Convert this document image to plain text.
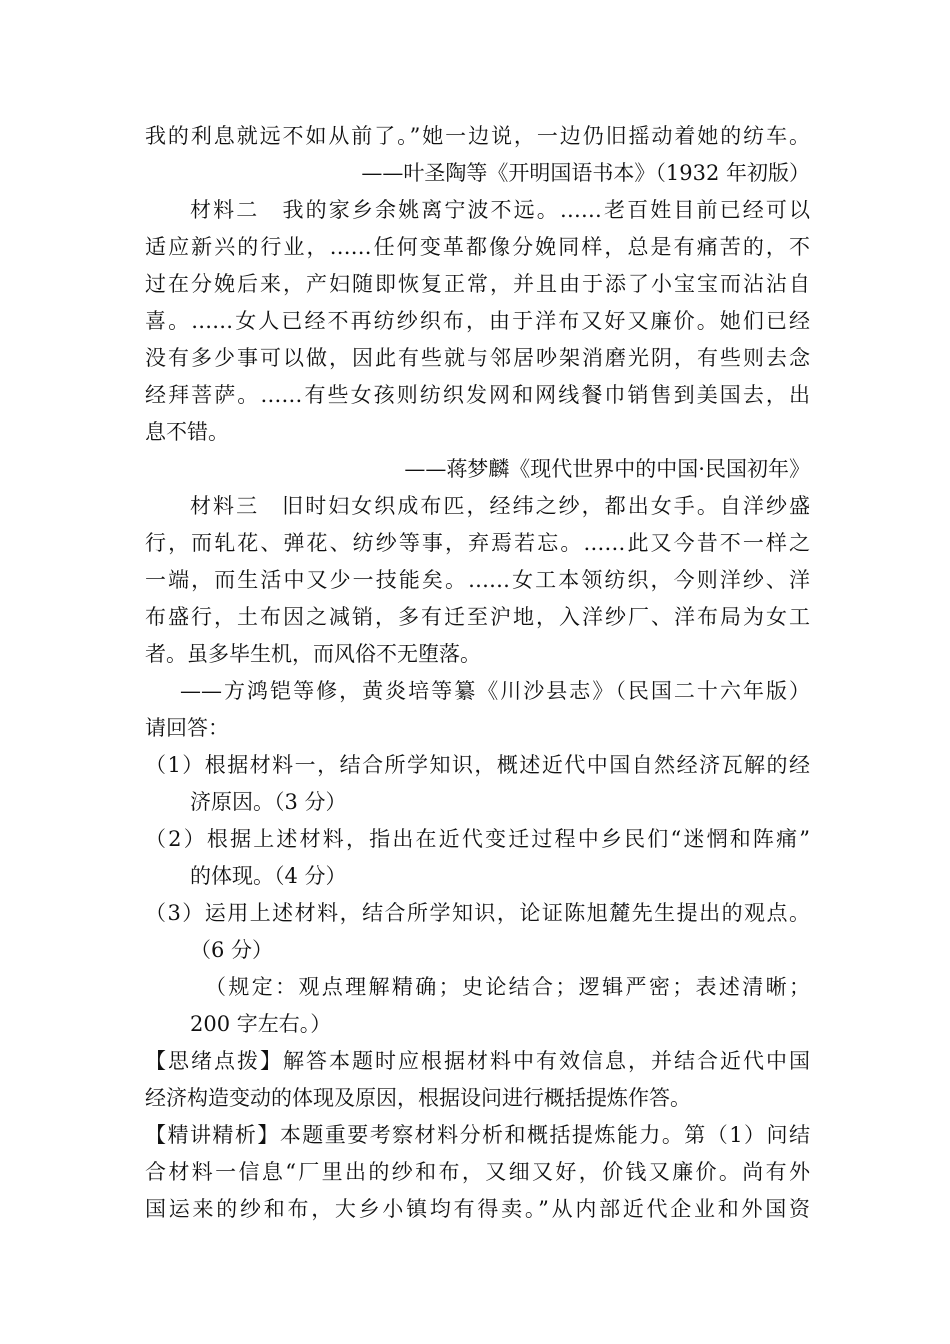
我的利息就远不如从前了。”她一边说，一边仍旧摇动着她的纺车。
——叶圣陶等《开明国语书本》（1932 年初版）
材料二　我的家乡余姚离宁波不远。……老百姓目前已经可以
适应新兴的行业，……任何变革都像分娩同样，总是有痛苦的，不
过在分娩后来，产妇随即恢复正常，并且由于添了小宝宝而沾沾自
喜。……女人已经不再纺纱织布，由于洋布又好又廉价。她们已经
没有多少事可以做，因此有些就与邻居吵架消磨光阴，有些则去念
经拜菩萨。……有些女孩则纺织发网和网线餐巾销售到美国去，出
息不错。
——蒋梦麟《现代世界中的中国·民国初年》
材料三　旧时妇女织成布匹，经纬之纱，都出女手。自洋纱盛
行，而轧花、弹花、纺纱等事，弃焉若忘。……此又今昔不一样之
一端，而生活中又少一技能矣。……女工本领纺织，今则洋纱、洋
布盛行，土布因之减销，多有迁至沪地，入洋纱厂、洋布局为女工
者。虽多毕生机，而风俗不无堕落。
——方鸿铠等修，黄炎培等纂《川沙县志》（民国二十六年版）
请回答：
（1）根据材料一，结合所学知识，概述近代中国自然经济瓦解的经
济原因。（3 分）
（2）根据上述材料，指出在近代变迁过程中乡民们“迷惘和阵痛”
的体现。（4 分）
（3）运用上述材料，结合所学知识，论证陈旭麓先生提出的观点。
（6 分）
（规定：观点理解精确；史论结合；逻辑严密；表述清晰；
200 字左右。）
【思绪点拨】解答本题时应根据材料中有效信息，并结合近代中国
经济构造变动的体现及原因，根据设问进行概括提炼作答。
【精讲精析】本题重要考察材料分析和概括提炼能力。第（1）问结
合材料一信息“厂里出的纱和布，又细又好，价钱又廉价。尚有外
国运来的纱和布，大乡小镇均有得卖。”从内部近代企业和外国资
